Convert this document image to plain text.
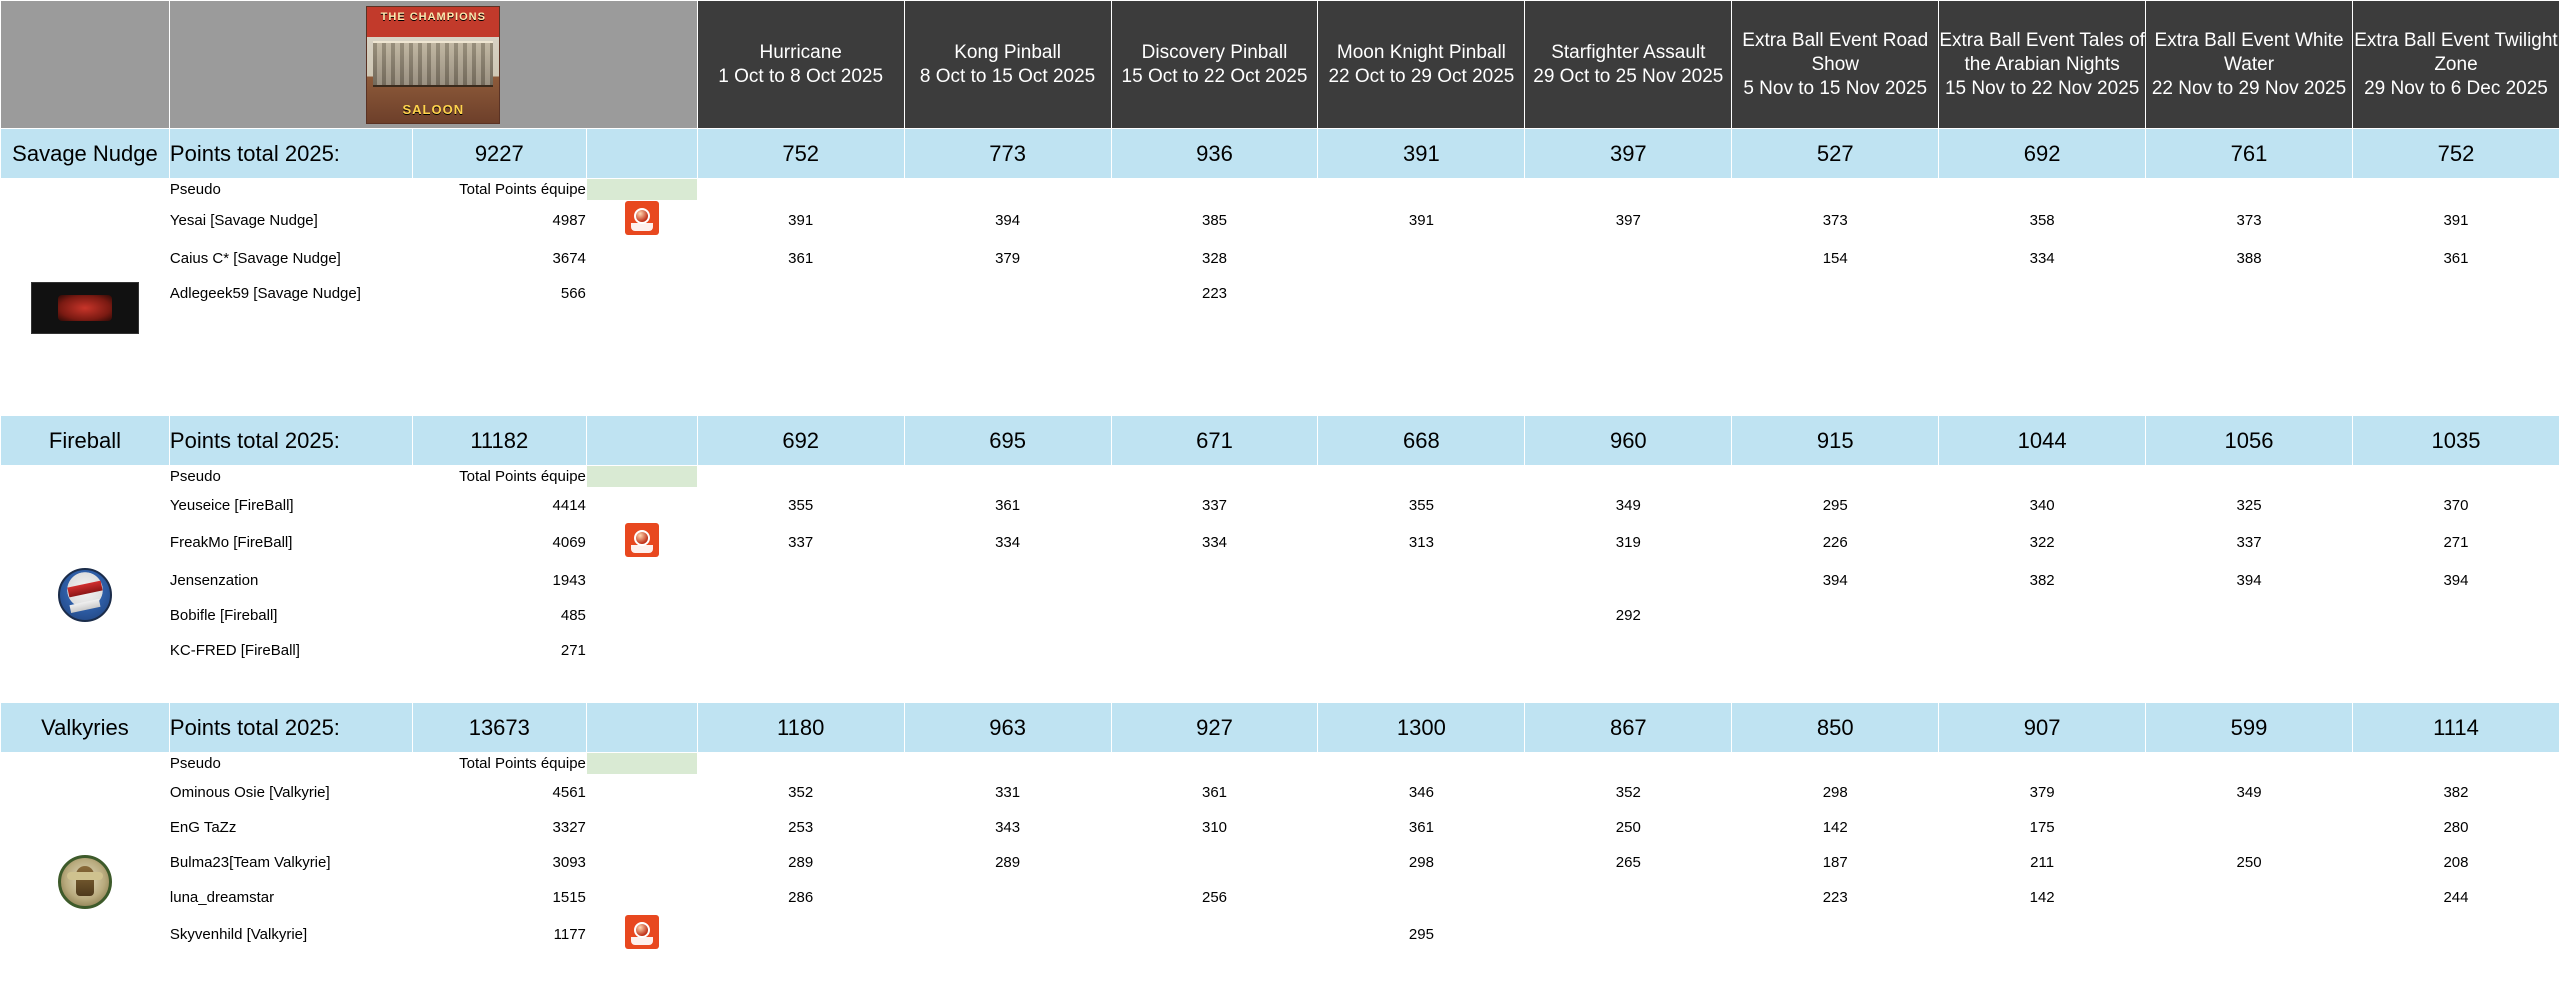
THE CHAMPIONS
SALOON

Hurricane
1 Oct to 8 Oct 2025

Kong Pinball
8 Oct to 15 Oct 2025

Discovery Pinball
15 Oct to 22 Oct 2025

Moon Knight Pinball
22 Oct to 29 Oct 2025

Starfighter Assault
29 Oct to 25 Nov 2025

Extra Ball Event Road Show
5 Nov to 15 Nov 2025

Extra Ball Event Tales of the Arabian Nights
15 Nov to 22 Nov 2025

Extra Ball Event White Water
22 Nov to 29 Nov 2025

Extra Ball Event Twilight Zone
29 Nov to 6 Dec 2025

Savage Nudge	Points total 2025:	9227		752	773	936	391	397	527	692	761	752
	Pseudo	Total Points équipe										

	Yesai [Savage Nudge]	4987		391	394	385	391	397	373	358	373	391
	Caius C* [Savage Nudge]	3674		361	379	328			154	334	388	361
	Adlegeek59 [Savage Nudge]	566				223						

Fireball	Points total 2025:	11182		692	695	671	668	960	915	1044	1056	1035
	Pseudo	Total Points équipe										

	Yeuseice [FireBall]	4414		355	361	337	355	349	295	340	325	370
	FreakMo [FireBall]	4069		337	334	334	313	319	226	322	337	271
	Jensenzation	1943							394	382	394	394
	Bobifle [Fireball]	485						292				
	KC-FRED [FireBall]	271										

Valkyries	Points total 2025:	13673		1180	963	927	1300	867	850	907	599	1114
	Pseudo	Total Points équipe										

	Ominous Osie [Valkyrie]	4561		352	331	361	346	352	298	379	349	382
	EnG TaZz	3327		253	343	310	361	250	142	175		280
	Bulma23[Team Valkyrie]	3093		289	289		298	265	187	211	250	208
	luna_dreamstar	1515		286		256			223	142		244
	Skyvenhild [Valkyrie]	1177					295					
